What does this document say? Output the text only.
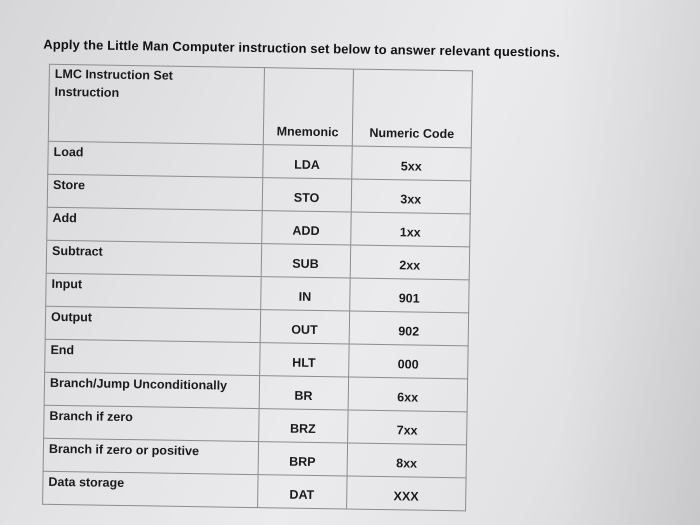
Apply the Little Man Computer instruction set below to answer relevant questions.
LMC Instruction Set
Instruction	Mnemonic	Numeric Code
Load	LDA	5xx
Store	STO	3xx
Add	ADD	1xx
Subtract	SUB	2xx
Input	IN	901
Output	OUT	902
End	HLT	000
Branch/Jump Unconditionally	BR	6xx
Branch if zero	BRZ	7xx
Branch if zero or positive	BRP	8xx
Data storage	DAT	XXX
